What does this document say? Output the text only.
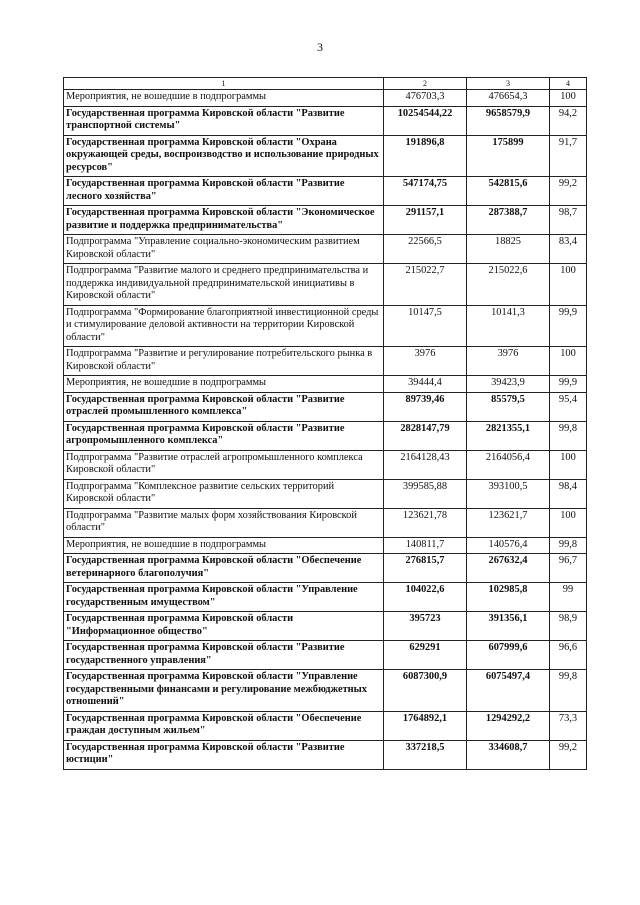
3
1	2	3	4
Мероприятия, не вошедшие в подпрограммы	476703,3	476654,3	100
Государственная программа Кировской области "Развитие транспортной системы"	10254544,22	9658579,9	94,2
Государственная программа Кировской области "Охрана окружающей среды, воспроизводство и использование природных ресурсов"	191896,8	175899	91,7
Государственная программа Кировской области "Развитие лесного хозяйства"	547174,75	542815,6	99,2
Государственная программа Кировской области "Экономическое развитие и поддержка предпринимательства"	291157,1	287388,7	98,7
Подпрограмма "Управление социально-экономическим развитием Кировской области"	22566,5	18825	83,4
Подпрограмма "Развитие малого и среднего предпринимательства и поддержка индивидуальной предпринимательской инициативы в Кировской области"	215022,7	215022,6	100
Подпрограмма "Формирование благоприятной инвестиционной среды и стимулирование деловой активности на территории Кировской области"	10147,5	10141,3	99,9
Подпрограмма "Развитие и регулирование потребительского рынка в Кировской области"	3976	3976	100
Мероприятия, не вошедшие в подпрограммы	39444,4	39423,9	99,9
Государственная программа Кировской области "Развитие отраслей промышленного комплекса"	89739,46	85579,5	95,4
Государственная программа Кировской области "Развитие агропромышленного комплекса"	2828147,79	2821355,1	99,8
Подпрограмма "Развитие отраслей агропромышленного комплекса Кировской области"	2164128,43	2164056,4	100
Подпрограмма "Комплексное развитие сельских территорий Кировской области"	399585,88	393100,5	98,4
Подпрограмма "Развитие малых форм хозяйствования Кировской области"	123621,78	123621,7	100
Мероприятия, не вошедшие в подпрограммы	140811,7	140576,4	99,8
Государственная программа Кировской области "Обеспечение ветеринарного благополучия"	276815,7	267632,4	96,7
Государственная программа Кировской области "Управление государственным имуществом"	104022,6	102985,8	99
Государственная программа Кировской области "Информационное общество"	395723	391356,1	98,9
Государственная программа Кировской области "Развитие государственного управления"	629291	607999,6	96,6
Государственная программа Кировской области "Управление государственными финансами и регулирование межбюджетных отношений"	6087300,9	6075497,4	99,8
Государственная программа Кировской области "Обеспечение граждан доступным жильем"	1764892,1	1294292,2	73,3
Государственная программа Кировской области "Развитие юстиции"	337218,5	334608,7	99,2
